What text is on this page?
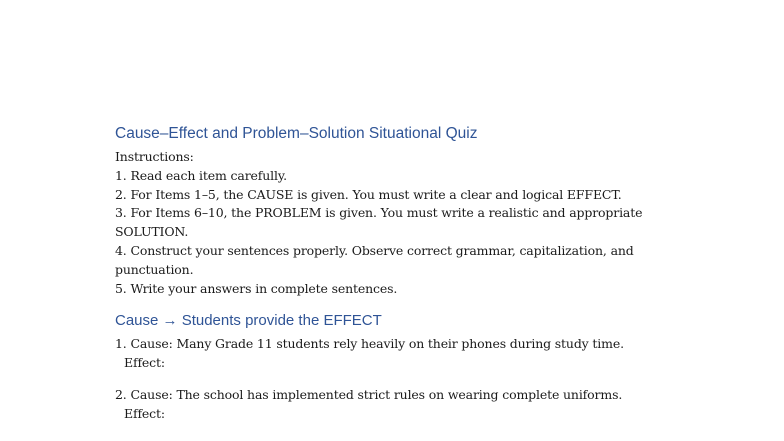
Cause–Effect and Problem–Solution Situational Quiz
Instructions:
1. Read each item carefully.
2. For Items 1–5, the CAUSE is given. You must write a clear and logical EFFECT.
3. For Items 6–10, the PROBLEM is given. You must write a realistic and appropriate
SOLUTION.
4. Construct your sentences properly. Observe correct grammar, capitalization, and
punctuation.
5. Write your answers in complete sentences.
Cause → Students provide the EFFECT
1. Cause: Many Grade 11 students rely heavily on their phones during study time.
Effect:
2. Cause: The school has implemented strict rules on wearing complete uniforms.
Effect:
